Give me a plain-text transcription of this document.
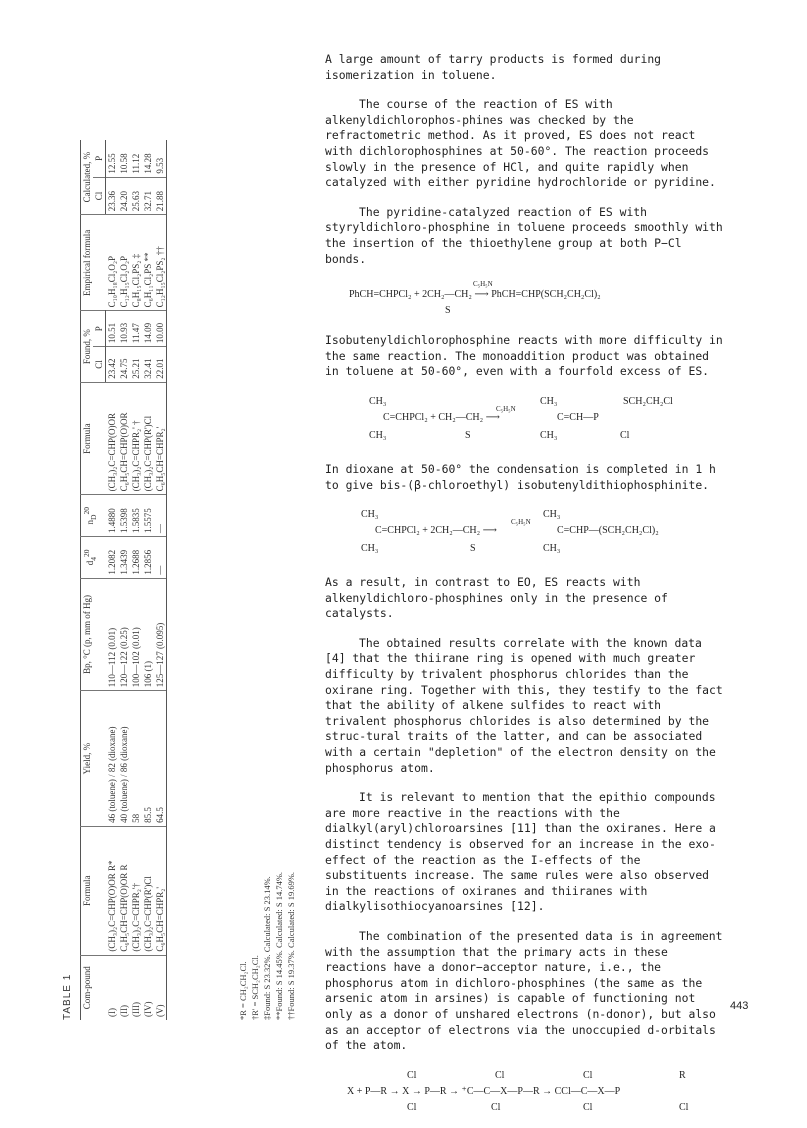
TABLE 1 Com-pound	Formula	Yield, %	Bp, °C (p, mm of Hg)	$d_4^{20}$	$n_D^{20}$	Formula	Found, %		Empirical formula	Calculated, %	
							Cl	P		Cl	P
(I)	(CH₃)₂C=CHP(O)OR R*	46 (toluene) / 82 (dioxane)	110—112 (0.01)	1.2082	1.4880	(CH₃)₂C=CHP(O)OR	23.42	10.51	C₁₀H₁₈Cl₂O₂P	23.36	12.55
(II)	C₆H₅CH=CHP(O)OR R	40 (toluene) / 86 (dioxane)	120—122 (0.25)	1.3439	1.5398	C₆H₅CH=CHP(O)OR	24.75	10.93	C₁₂H₁₅Cl₂O₂P	24.20	10.58
(III)	(CH₃)₂C=CHPR₂'†	58	100—102 (0.01)	1.2688	1.5835	(CH₃)₂C=CHPR₂' †	25.21	11.47	C₈H₁₅Cl₂PS₂ ‡	25.63	11.12
(IV)	(CH₃)₂C=CHP(R')Cl	85.5	106 (1)	1.2856	1.5575	(CH₃)₂C=CHP(R')Cl	32.41	14.09	C₆H₁₁Cl₂PS **	32.71	14.28
(V)	C₆H₅CH=CHPR₂'	64.5	125—127 (0.095)	—	—	C₆H₅CH=CHPR₂'	22.01	10.00	C₁₂H₁₅Cl₂PS₂ ††	21.88	9.53
*R = CH₂CH₂Cl. †R' = SCH₂CH₂Cl. ‡Found: S 23.32%. Calculated: S 23.14%. **Found: S 14.45%. Calculated: S 14.74%. ††Found: S 19.37%. Calculated: S 19.69%.

A large amount of tarry products is formed during isomerization in toluene.

The course of the reaction of ES with alkenyldichlorophos-phines was checked by the refractometric method. As it proved, ES does not react with dichlorophosphines at 50-60°. The reaction proceeds slowly in the presence of HCl, and quite rapidly when catalyzed with either pyridine hydrochloride or pyridine.

The pyridine-catalyzed reaction of ES with styryldichloro-phosphine in toluene proceeds smoothly with the insertion of the thioethylene group at both P−Cl bonds.

C₅H₅N
PhCH=CHPCl₂ + 2CH₂—CH₂ ⟶ PhCH=CHP(SCH₂CH₂Cl)₂
S

Isobutenyldichlorophosphine reacts with more difficulty in the same reaction. The monoaddition product was obtained in toluene at 50-60°, even with a fourfold excess of ES.

CH₃
C=CHPCl₂ + CH₂—CH₂ ⟶
C₅H₅N
CH₃	S
CH₃	SCH₂CH₂Cl
C=CH—P
CH₃	Cl

In dioxane at 50-60° the condensation is completed in 1 h to give bis-(β-chloroethyl) isobutenyldithiophosphinite.

CH₃
C=CHPCl₂ + 2CH₂—CH₂ ⟶
C₅H₅N
CH₃	S
CH₃
C=CHP—(SCH₂CH₂Cl)₂
CH₃

As a result, in contrast to EO, ES reacts with alkenyldichloro-phosphines only in the presence of catalysts.

The obtained results correlate with the known data [4] that the thiirane ring is opened with much greater difficulty by trivalent phosphorus chlorides than the oxirane ring. Together with this, they testify to the fact that the ability of alkene sulfides to react with trivalent phosphorus chlorides is also determined by the struc-tural traits of the latter, and can be associated with a certain "depletion" of the electron density on the phosphorus atom.

It is relevant to mention that the epithio compounds are more reactive in the reactions with the dialkyl(aryl)chloroarsines [11] than the oxiranes. Here a distinct tendency is observed for an increase in the exo-effect of the reaction as the I-effects of the substituents increase. The same rules were also observed in the reactions of oxiranes and thiiranes with dialkylisothiocyanoarsines [12].

The combination of the presented data is in agreement with the assumption that the primary acts in these reactions have a donor−acceptor nature, i.e., the phosphorus atom in dichloro-phosphines (the same as the arsenic atom in arsines) is capable of functioning not only as a donor of unshared electrons (n-donor), but also as an acceptor of electrons via the unoccupied d-orbitals of the atom.

Cl	Cl	Cl	R
X + P—R → X → P—R → ⁺C—C—X—P—R → CCl—C—X—P
Cl	Cl	Cl	Cl
443
